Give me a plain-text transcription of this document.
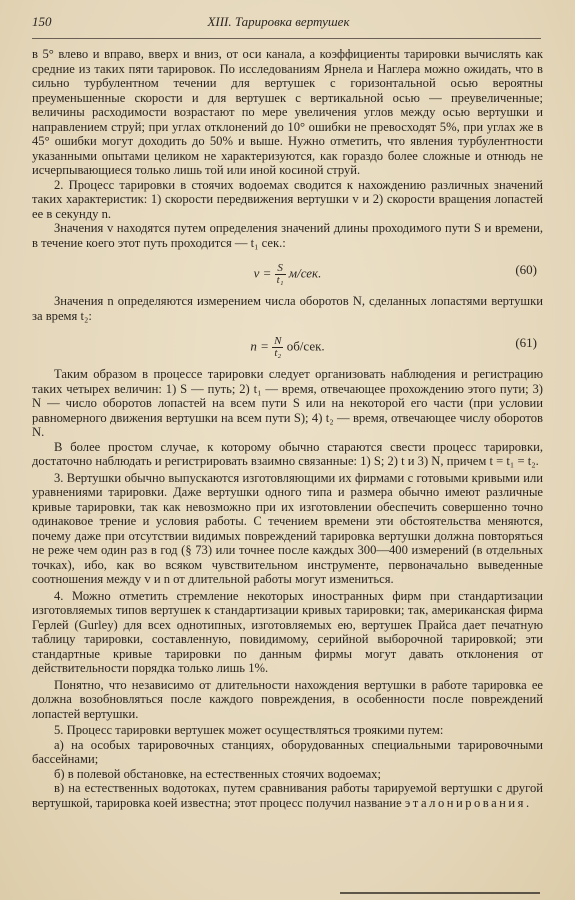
150	XIII. Тарировка вертушек

в 5° влево и вправо, вверх и вниз, от оси канала, а коэффициенты тарировки вычислять как средние из таких пяти тарировок. По исследованиям Ярнела и Наглера можно ожидать, что в сильно турбулентном течении для вертушек с горизонтальной осью вероятны преуменьшенные скорости и для вертушек с вертикальной осью — преувеличенные; величины расходимости возрастают по мере увеличения углов между осью вертушки и направлением струй; при углах отклонений до 10° ошибки не превосходят 5%, при углах же в 45° ошибки могут доходить до 50% и выше. Нужно отметить, что явления турбулентности указанными опытами целиком не характеризуются, как гораздо более сложные и отнюдь не исчерпывающиеся только лишь той или иной косиной струй.

2. Процесс тарировки в стоячих водоемах сводится к нахождению различных значений таких характеристик: 1) скорости передвижения вертушки v и 2) скорости вращения лопастей ее в секунду n.

Значения v находятся путем определения значений длины проходимого пути S и времени, в течение коего этот путь проходится — t₁ сек.:

$v = \frac{S}{\text{t₁}} м/сек$.	(60)

Значения n определяются измерением числа оборотов N, сделанных лопастями вертушки за время t₂:

$n = \frac{N}{\text{t₂}} об/сек$.	(61)

Таким образом в процессе тарировки следует организовать наблюдения и регистрацию таких четырех величин: 1) S — путь; 2) t₁ — время, отвечающее прохождению этого пути; 3) N — число оборотов лопастей на всем пути S или на некоторой его части (при условии равномерного движения вертушки на всем пути S); 4) t₂ — время, отвечающее числу оборотов N.

В более простом случае, к которому обычно стараются свести процесс тарировки, достаточно наблюдать и регистрировать взаимно связанные: 1) S; 2) t и 3) N, причем t = t₁ = t₂.

3. Вертушки обычно выпускаются изготовляющими их фирмами с готовыми кривыми или уравнениями тарировки. Даже вертушки одного типа и размера обычно имеют различные кривые тарировки, так как невозможно при их изготовлении обеспечить совершенно точно одинаковое трение и условия работы. С течением времени эти обстоятельства меняются, почему даже при отсутствии видимых повреждений тарировка вертушки должна повторяться не реже чем один раз в год (§ 73) или точнее после каждых 300—400 измерений (в отдельных точках), ибо, как во всяком чувствительном инструменте, первоначально выведенные соотношения между v и n от длительной работы могут измениться.

4. Можно отметить стремление некоторых иностранных фирм при стандартизации изготовляемых типов вертушек к стандартизации кривых тарировки; так, американская фирма Герлей (Gurley) для всех однотипных, изготовляемых ею, вертушек Прайса дает печатную таблицу тарировки, составленную, повидимому, серийной выборочной тарировкой; эти стандартные кривые тарировки по данным фирмы могут давать отклонения от действительности порядка только лишь 1%.

Понятно, что независимо от длительности нахождения вертушки в работе тарировка ее должна возобновляться после каждого повреждения, в особенности после повреждений лопастей вертушки.

5. Процесс тарировки вертушек может осуществляться троякими путем:

а) на особых тарировочных станциях, оборудованных специальными тарировочными бассейнами;

б) в полевой обстановке, на естественных стоячих водоемах;

в) на естественных водотоках, путем сравнивания работы тарируемой вертушки с другой вертушкой, тарировка коей известна; этот процесс получил название эталонирования.
